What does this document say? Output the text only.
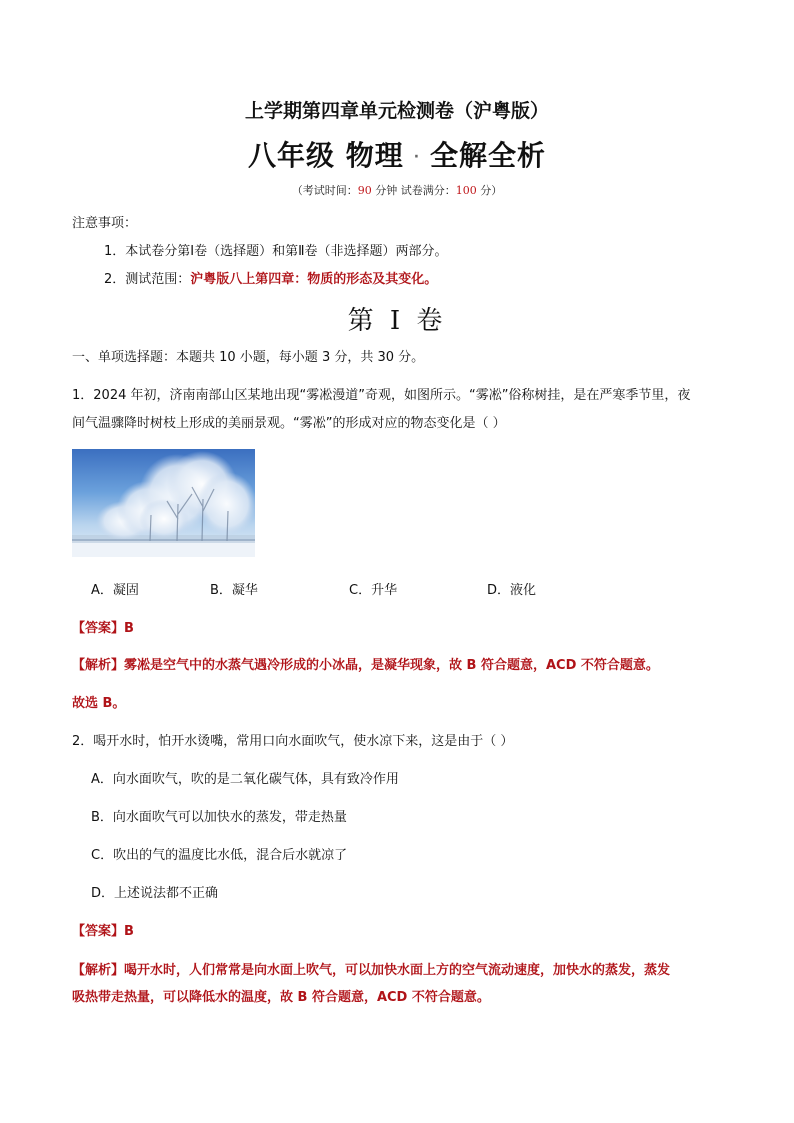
上学期第四章单元检测卷（沪粤版）
八年级 物理 · 全解全析
（考试时间：90 分钟 试卷满分：100 分）
注意事项：
1．本试卷分第Ⅰ卷（选择题）和第Ⅱ卷（非选择题）两部分。
2．测试范围：沪粤版八上第四章：物质的形态及其变化。
第 I 卷
一、单项选择题：本题共 10 小题，每小题 3 分，共 30 分。
1．2024 年初，济南南部山区某地出现“雾凇漫道”奇观，如图所示。“雾凇”俗称树挂，是在严寒季节里，夜
间气温骤降时树枝上形成的美丽景观。“雾凇”的形成对应的物态变化是（ ）
A．凝固	B．凝华	C．升华	D．液化
【答案】B
【解析】雾凇是空气中的水蒸气遇冷形成的小冰晶，是凝华现象，故 B 符合题意，ACD 不符合题意。
故选 B。
2．喝开水时，怕开水烫嘴，常用口向水面吹气，使水凉下来，这是由于（ ）
A．向水面吹气，吹的是二氧化碳气体，具有致冷作用
B．向水面吹气可以加快水的蒸发，带走热量
C．吹出的气的温度比水低，混合后水就凉了
D．上述说法都不正确
【答案】B
【解析】喝开水时，人们常常是向水面上吹气，可以加快水面上方的空气流动速度，加快水的蒸发，蒸发
吸热带走热量，可以降低水的温度，故 B 符合题意，ACD 不符合题意。
